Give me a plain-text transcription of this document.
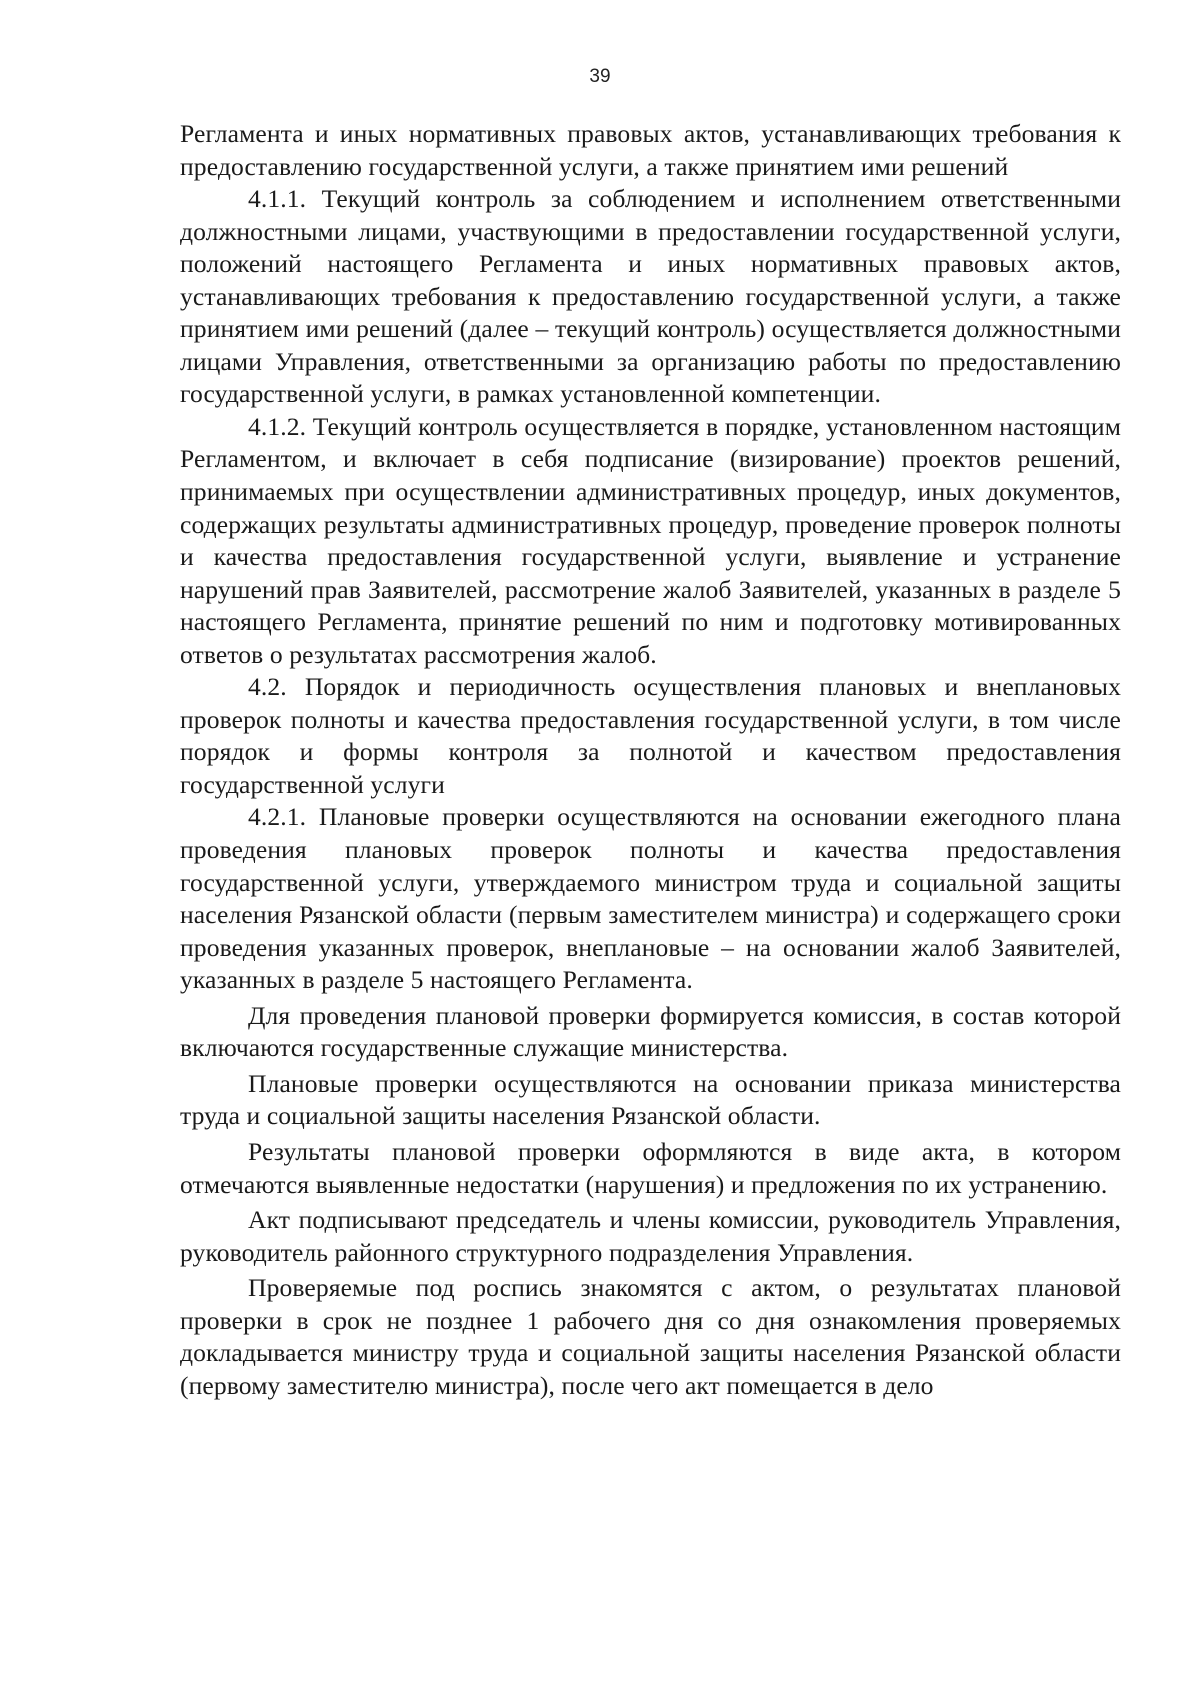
39

Регламента и иных нормативных правовых актов, устанавливающих требования к предоставлению государственной услуги, а также принятием ими решений

4.1.1. Текущий контроль за соблюдением и исполнением ответственными должностными лицами, участвующими в предоставлении государственной услуги, положений настоящего Регламента и иных нормативных правовых актов, устанавливающих требования к предоставлению государственной услуги, а также принятием ими решений (далее – текущий контроль) осуществляется должностными лицами Управления, ответственными за организацию работы по предоставлению государственной услуги, в рамках установленной компетенции.

4.1.2. Текущий контроль осуществляется в порядке, установленном настоящим Регламентом, и включает в себя подписание (визирование) проектов решений, принимаемых при осуществлении административных процедур, иных документов, содержащих результаты административных процедур, проведение проверок полноты и качества предоставления государственной услуги, выявление и устранение нарушений прав Заявителей, рассмотрение жалоб Заявителей, указанных в разделе 5 настоящего Регламента, принятие решений по ним и подготовку мотивированных ответов о результатах рассмотрения жалоб.

4.2. Порядок и периодичность осуществления плановых и внеплановых проверок полноты и качества предоставления государственной услуги, в том числе порядок и формы контроля за полнотой и качеством предоставления государственной услуги

4.2.1. Плановые проверки осуществляются на основании ежегодного плана проведения плановых проверок полноты и качества предоставления государственной услуги, утверждаемого министром труда и социальной защиты населения Рязанской области (первым заместителем министра) и содержащего сроки проведения указанных проверок, внеплановые – на основании жалоб Заявителей, указанных в разделе 5 настоящего Регламента.

Для проведения плановой проверки формируется комиссия, в состав которой включаются государственные служащие министерства.

Плановые проверки осуществляются на основании приказа министерства труда и социальной защиты населения Рязанской области.

Результаты плановой проверки оформляются в виде акта, в котором отмечаются выявленные недостатки (нарушения) и предложения по их устранению.

Акт подписывают председатель и члены комиссии, руководитель Управления, руководитель районного структурного подразделения Управления.

Проверяемые под роспись знакомятся с актом, о результатах плановой проверки в срок не позднее 1 рабочего дня со дня ознакомления проверяемых докладывается министру труда и социальной защиты населения Рязанской области (первому заместителю министра), после чего акт помещается в дело
